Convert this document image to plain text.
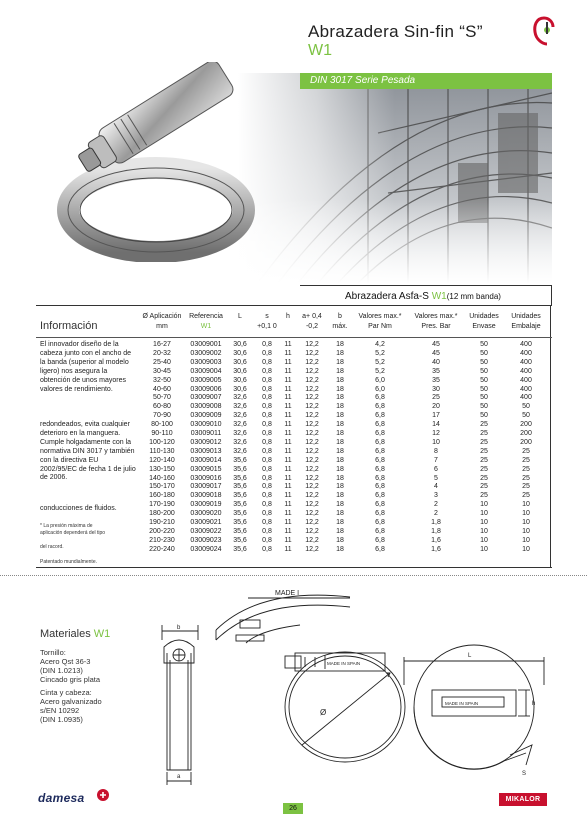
Abrazadera Sin-fin “S”
W1
DIN 3017 Serie Pesada
Abrazadera Asfa-S W1(12 mm banda)
Información
Ø Aplicación
mm
Referencia
W1
L	s
+0,1 0
h	a+ 0,4
-0,2
b
máx.
Valores max.*
Par Nm
Valores max.*
Pres. Bar
Unidades
Envase
Unidades
Embalaje
16-27	03009001	30,6	0,8	11	12,2	18	4,2	45	50	400
20-32	03009002	30,6	0,8	11	12,2	18	5,2	45	50	400
25-40	03009003	30,6	0,8	11	12,2	18	5,2	40	50	400
30-45	03009004	30,6	0,8	11	12,2	18	5,2	35	50	400
32-50	03009005	30,6	0,8	11	12,2	18	6,0	35	50	400
40-60	03009006	30,6	0,8	11	12,2	18	6,0	30	50	400
50-70	03009007	32,6	0,8	11	12,2	18	6,8	25	50	400
60-80	03009008	32,6	0,8	11	12,2	18	6,8	20	50	50
70-90	03009009	32,6	0,8	11	12,2	18	6,8	17	50	50
80-100	03009010	32,6	0,8	11	12,2	18	6,8	14	25	200
90-110	03009011	32,6	0,8	11	12,2	18	6,8	12	25	200
100-120	03009012	32,6	0,8	11	12,2	18	6,8	10	25	200
110-130	03009013	32,6	0,8	11	12,2	18	6,8	8	25	25
120-140	03009014	35,6	0,8	11	12,2	18	6,8	7	25	25
130-150	03009015	35,6	0,8	11	12,2	18	6,8	6	25	25
140-160	03009016	35,6	0,8	11	12,2	18	6,8	5	25	25
150-170	03009017	35,6	0,8	11	12,2	18	6,8	4	25	25
160-180	03009018	35,6	0,8	11	12,2	18	6,8	3	25	25
170-190	03009019	35,6	0,8	11	12,2	18	6,8	2	10	10
180-200	03009020	35,6	0,8	11	12,2	18	6,8	2	10	10
190-210	03009021	35,6	0,8	11	12,2	18	6,8	1,8	10	10
200-220	03009022	35,6	0,8	11	12,2	18	6,8	1,8	10	10
210-230	03009023	35,6	0,8	11	12,2	18	6,8	1,6	10	10
220-240	03009024	35,6	0,8	11	12,2	18	6,8	1,6	10	10
El innovador diseño de la cabeza junto con el ancho de la banda (superior al modelo ligero) nos asegura la obtención de unos mayores valores de rendimiento.
redondeados, evita cualquier deterioro en la manguera. Cumple holgadamente con la normativa DIN 3017 y también con la directiva EU 2002/95/EC de fecha 1 de julio de 2006.
conducciones de fluidos.
* La presión máxima de aplicación dependerá del tipo
del racord.
Patentado mundialmente.
Materiales W1
Tornillo:
Acero Qst 36-3
(DIN 1.0213)
Cincado gris plata
Cinta y cabeza:
Acero galvanizado
s/EN 10292
(DIN 1.0935)
MADE I
MADE IN SPAIN
MADE IN SPAIN
b
a
Ø
L
h
S
damesa
26
MIKALOR
